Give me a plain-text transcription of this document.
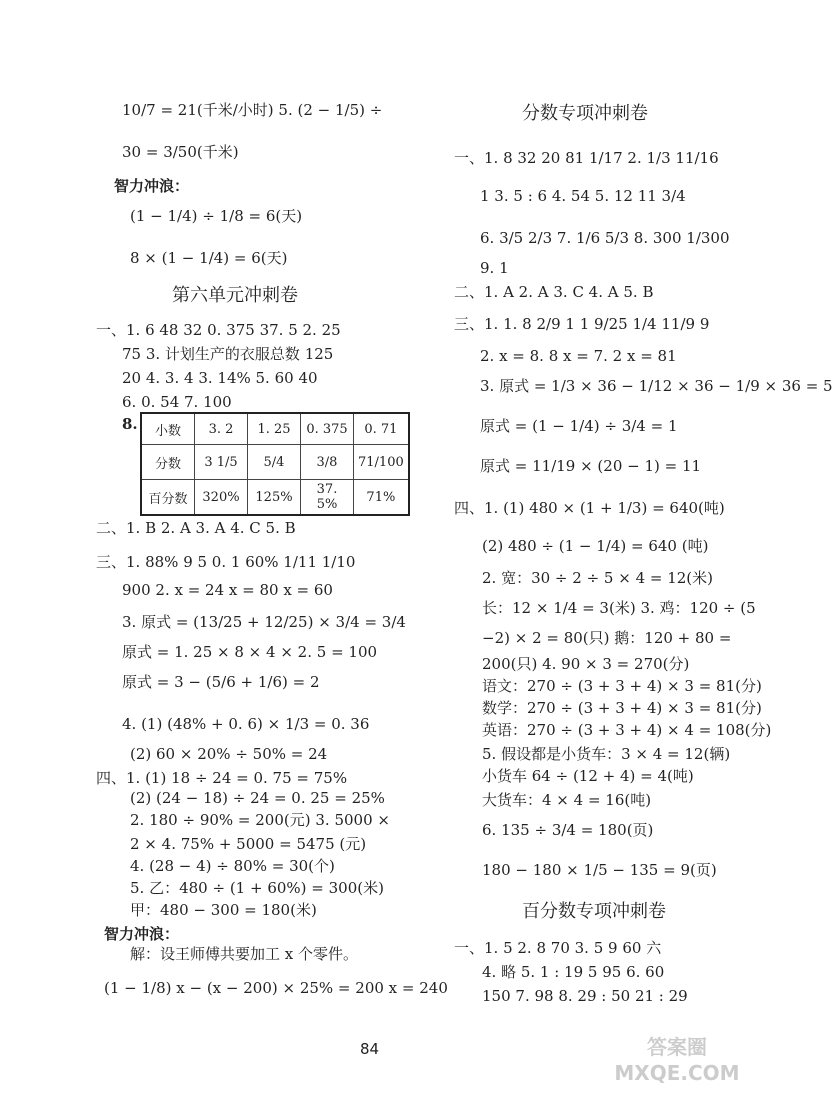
10/7 = 21(千米/小时) 5. (2 − 1/5) ÷
30 = 3/50(千米)
智力冲浪：
(1 − 1/4) ÷ 1/8 = 6(天)
8 × (1 − 1/4) = 6(天)
第六单元冲刺卷
一、1. 6 48 32 0. 375 37. 5 2. 25
75 3. 计划生产的衣服总数 125
20 4. 3. 4 3. 14% 5. 60 40
6. 0. 54 7. 100
8. 小数	3. 2	1. 25	0. 375	0. 71
分数	3 1/5	5/4	3/8	71/100
百分数	320%	125%	37. 5%	71%
二、1. B 2. A 3. A 4. C 5. B
三、1. 88% 9 5 0. 1 60% 1/11 1/10
900 2. x = 24 x = 80 x = 60
3. 原式 = (13/25 + 12/25) × 3/4 = 3/4
原式 = 1. 25 × 8 × 4 × 2. 5 = 100
原式 = 3 − (5/6 + 1/6) = 2
4. (1) (48% + 0. 6) × 1/3 = 0. 36
(2) 60 × 20% ÷ 50% = 24
四、1. (1) 18 ÷ 24 = 0. 75 = 75%
(2) (24 − 18) ÷ 24 = 0. 25 = 25%
2. 180 ÷ 90% = 200(元) 3. 5000 ×
2 × 4. 75% + 5000 = 5475 (元)
4. (28 − 4) ÷ 80% = 30(个)
5. 乙：480 ÷ (1 + 60%) = 300(米)
甲：480 − 300 = 180(米)
智力冲浪：
解：设王师傅共要加工 x 个零件。
(1 − 1/8) x − (x − 200) × 25% = 200 x = 240
分数专项冲刺卷
一、1. 8 32 20 81 1/17 2. 1/3 11/16
1 3. 5 : 6 4. 54 5. 12 11 3/4
6. 3/5 2/3 7. 1/6 5/3 8. 300 1/300
9. 1
二、1. A 2. A 3. C 4. A 5. B
三、1. 1. 8 2/9 1 1 9/25 1/4 11/9 9
2. x = 8. 8 x = 7. 2 x = 81
3. 原式 = 1/3 × 36 − 1/12 × 36 − 1/9 × 36 = 5
原式 = (1 − 1/4) ÷ 3/4 = 1
原式 = 11/19 × (20 − 1) = 11
四、1. (1) 480 × (1 + 1/3) = 640(吨)
(2) 480 ÷ (1 − 1/4) = 640 (吨)
2. 宽：30 ÷ 2 ÷ 5 × 4 = 12(米)
长：12 × 1/4 = 3(米) 3. 鸡：120 ÷ (5
−2) × 2 = 80(只) 鹅：120 + 80 =
200(只) 4. 90 × 3 = 270(分)
语文：270 ÷ (3 + 3 + 4) × 3 = 81(分)
数学：270 ÷ (3 + 3 + 4) × 3 = 81(分)
英语：270 ÷ (3 + 3 + 4) × 4 = 108(分)
5. 假设都是小货车：3 × 4 = 12(辆)
小货车 64 ÷ (12 + 4) = 4(吨)
大货车：4 × 4 = 16(吨)
6. 135 ÷ 3/4 = 180(页)
180 − 180 × 1/5 − 135 = 9(页)
百分数专项冲刺卷
一、1. 5 2. 8 70 3. 5 9 60 六
4. 略 5. 1 : 19 5 95 6. 60
150 7. 98 8. 29 : 50 21 : 29
84	答案圈 MXQE.COM
